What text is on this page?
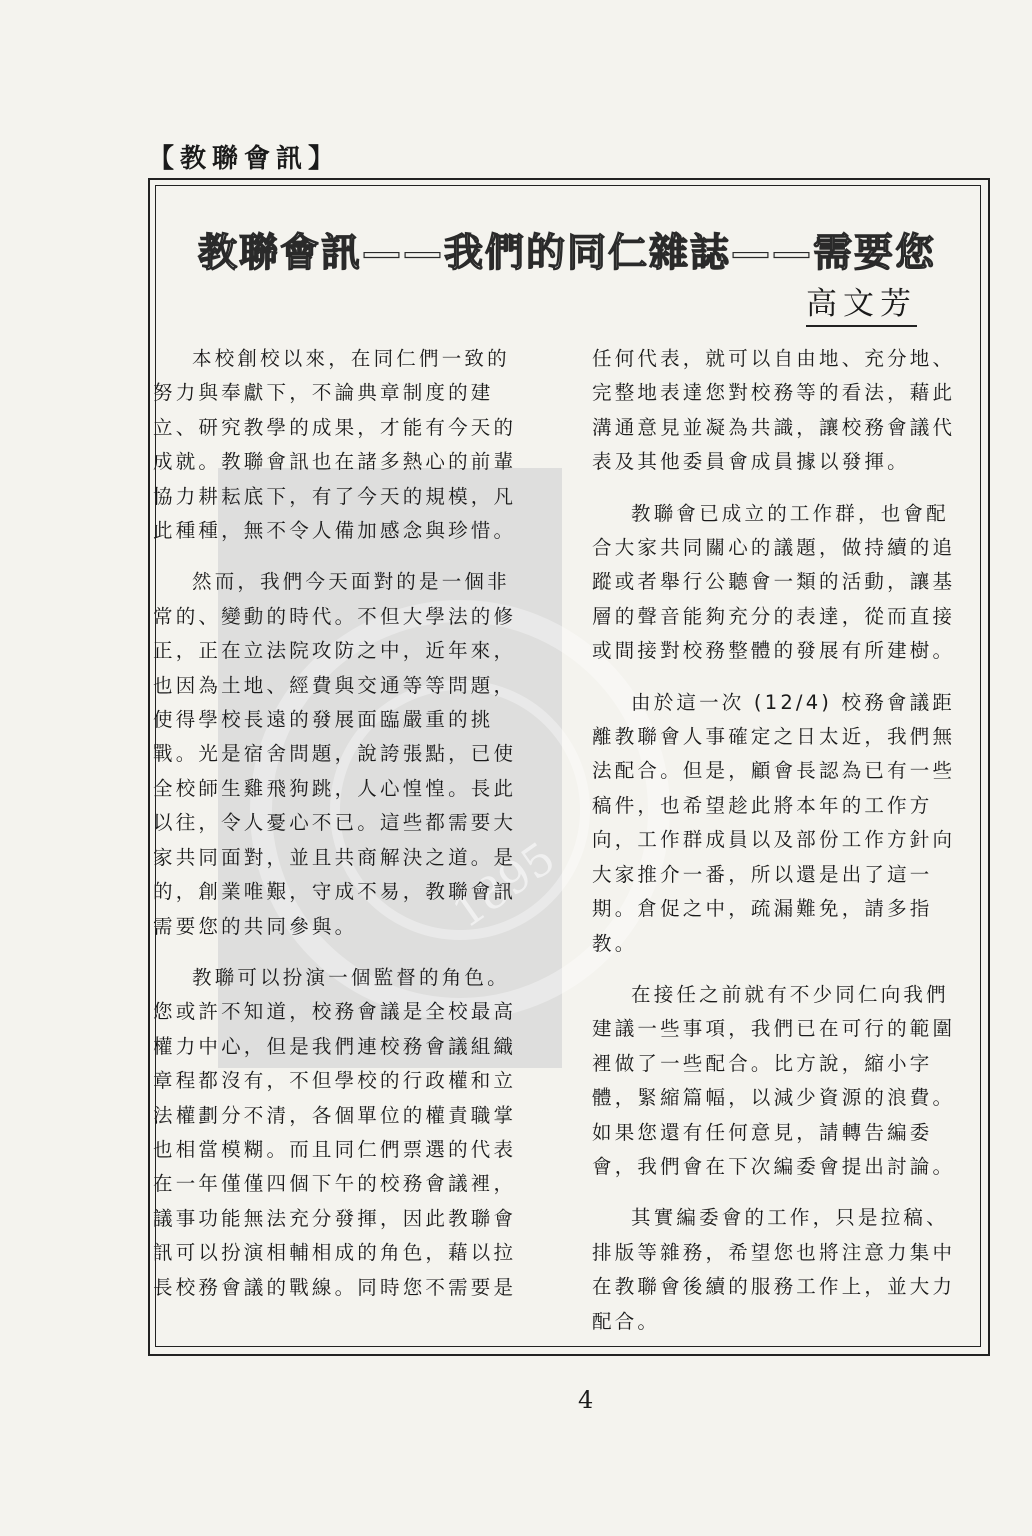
【教聯會訊】
1895
教聯會訊——我們的同仁雜誌——需要您
高文芳

本校創校以來，在同仁們一致的努力與奉獻下，不論典章制度的建立、研究教學的成果，才能有今天的成就。教聯會訊也在諸多熱心的前輩協力耕耘底下，有了今天的規模，凡此種種，無不令人備加感念與珍惜。

然而，我們今天面對的是一個非常的、變動的時代。不但大學法的修正，正在立法院攻防之中，近年來，也因為土地、經費與交通等等問題，使得學校長遠的發展面臨嚴重的挑戰。光是宿舍問題，說誇張點，已使全校師生雞飛狗跳，人心惶惶。長此以往，令人憂心不已。這些都需要大家共同面對，並且共商解決之道。是的，創業唯艱，守成不易，教聯會訊需要您的共同參與。

教聯可以扮演一個監督的角色。您或許不知道，校務會議是全校最高權力中心，但是我們連校務會議組織章程都沒有，不但學校的行政權和立法權劃分不清，各個單位的權責職掌也相當模糊。而且同仁們票選的代表在一年僅僅四個下午的校務會議裡，議事功能無法充分發揮，因此教聯會訊可以扮演相輔相成的角色，藉以拉長校務會議的戰線。同時您不需要是

任何代表，就可以自由地、充分地、完整地表達您對校務等的看法，藉此溝通意見並凝為共識，讓校務會議代表及其他委員會成員據以發揮。

教聯會已成立的工作群，也會配合大家共同關心的議題，做持續的追蹤或者舉行公聽會一類的活動，讓基層的聲音能夠充分的表達，從而直接或間接對校務整體的發展有所建樹。

由於這一次 (12/4) 校務會議距離教聯會人事確定之日太近，我們無法配合。但是，顧會長認為已有一些稿件，也希望趁此將本年的工作方向，工作群成員以及部份工作方針向大家推介一番，所以還是出了這一期。倉促之中，疏漏難免，請多指教。

在接任之前就有不少同仁向我們建議一些事項，我們已在可行的範圍裡做了一些配合。比方說，縮小字體，緊縮篇幅，以減少資源的浪費。如果您還有任何意見，請轉告編委會，我們會在下次編委會提出討論。

其實編委會的工作，只是拉稿、排版等雜務，希望您也將注意力集中在教聯會後續的服務工作上，並大力配合。

4
